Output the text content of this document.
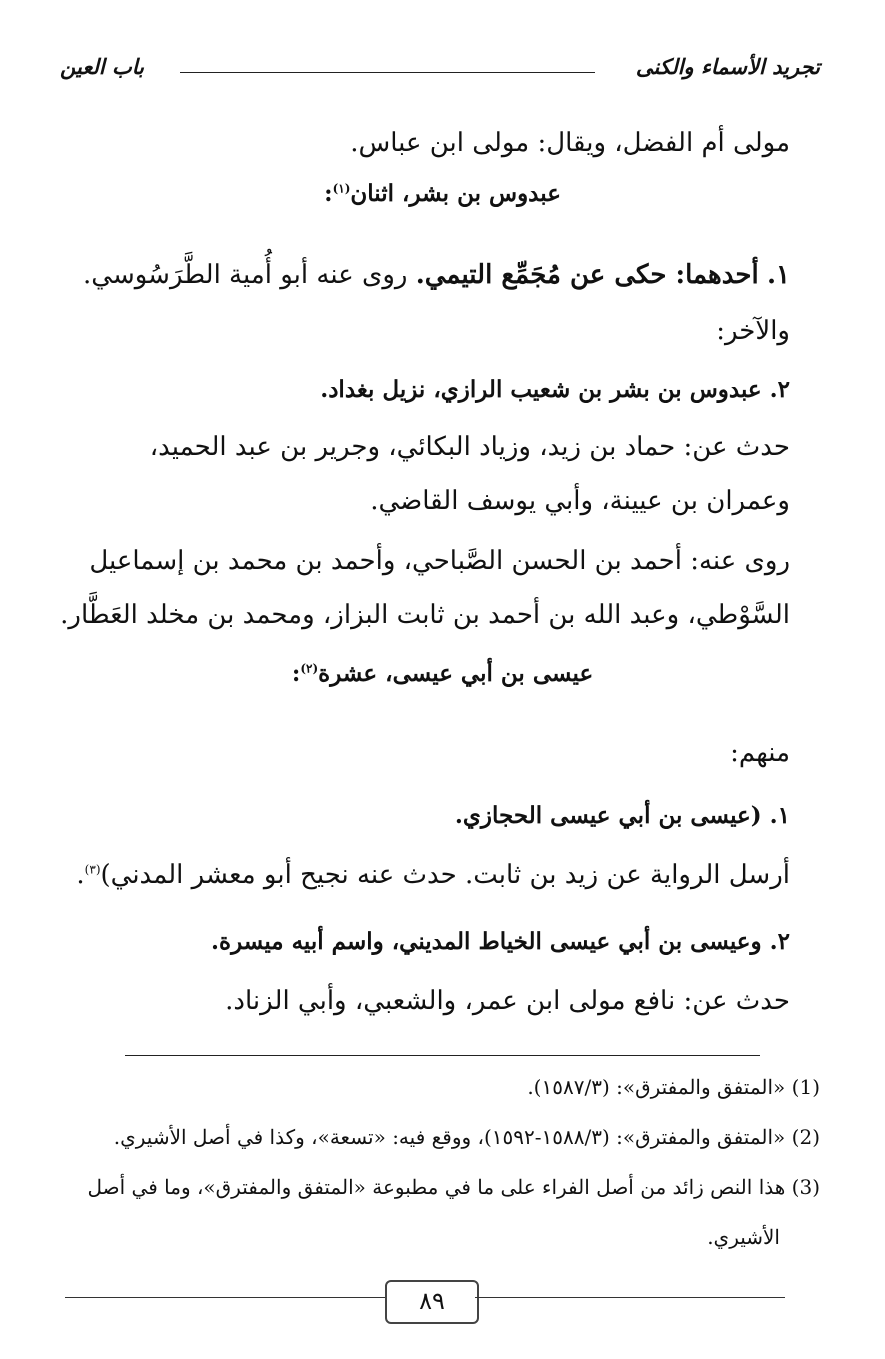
تجريد الأسماء والكنى
باب العين
مولى أم الفضل، ويقال: مولى ابن عباس.
عبدوس بن بشر، اثنان$^{(١)}$:
١. أحدهما: حكى عن مُجَمِّع التيمي. روى عنه أبو أُمية الطَّرَسُوسي.
والآخر:
٢. عبدوس بن بشر بن شعيب الرازي، نزيل بغداد.
حدث عن: حماد بن زيد، وزياد البكائي، وجرير بن عبد الحميد،
وعمران بن عيينة، وأبي يوسف القاضي.
روى عنه: أحمد بن الحسن الصَّباحي، وأحمد بن محمد بن إسماعيل
السَّوْطي، وعبد الله بن أحمد بن ثابت البزاز، ومحمد بن مخلد العَطَّار.
عيسى بن أبي عيسى، عشرة$^{(٢)}$:
منهم:
١. (عيسى بن أبي عيسى الحجازي.
أرسل الرواية عن زيد بن ثابت. حدث عنه نجيح أبو معشر المدني)$^{(٣)}$.
٢. وعيسى بن أبي عيسى الخياط المديني، واسم أبيه ميسرة.
حدث عن: نافع مولى ابن عمر، والشعبي، وأبي الزناد.
(1) «المتفق والمفترق»: (١٥٨٧/٣).
(2) «المتفق والمفترق»: (١٥٨٨/٣-١٥٩٢)، ووقع فيه: «تسعة»، وكذا في أصل الأشيري.
(3) هذا النص زائد من أصل الفراء على ما في مطبوعة «المتفق والمفترق»، وما في أصل
الأشيري.
٨٩
